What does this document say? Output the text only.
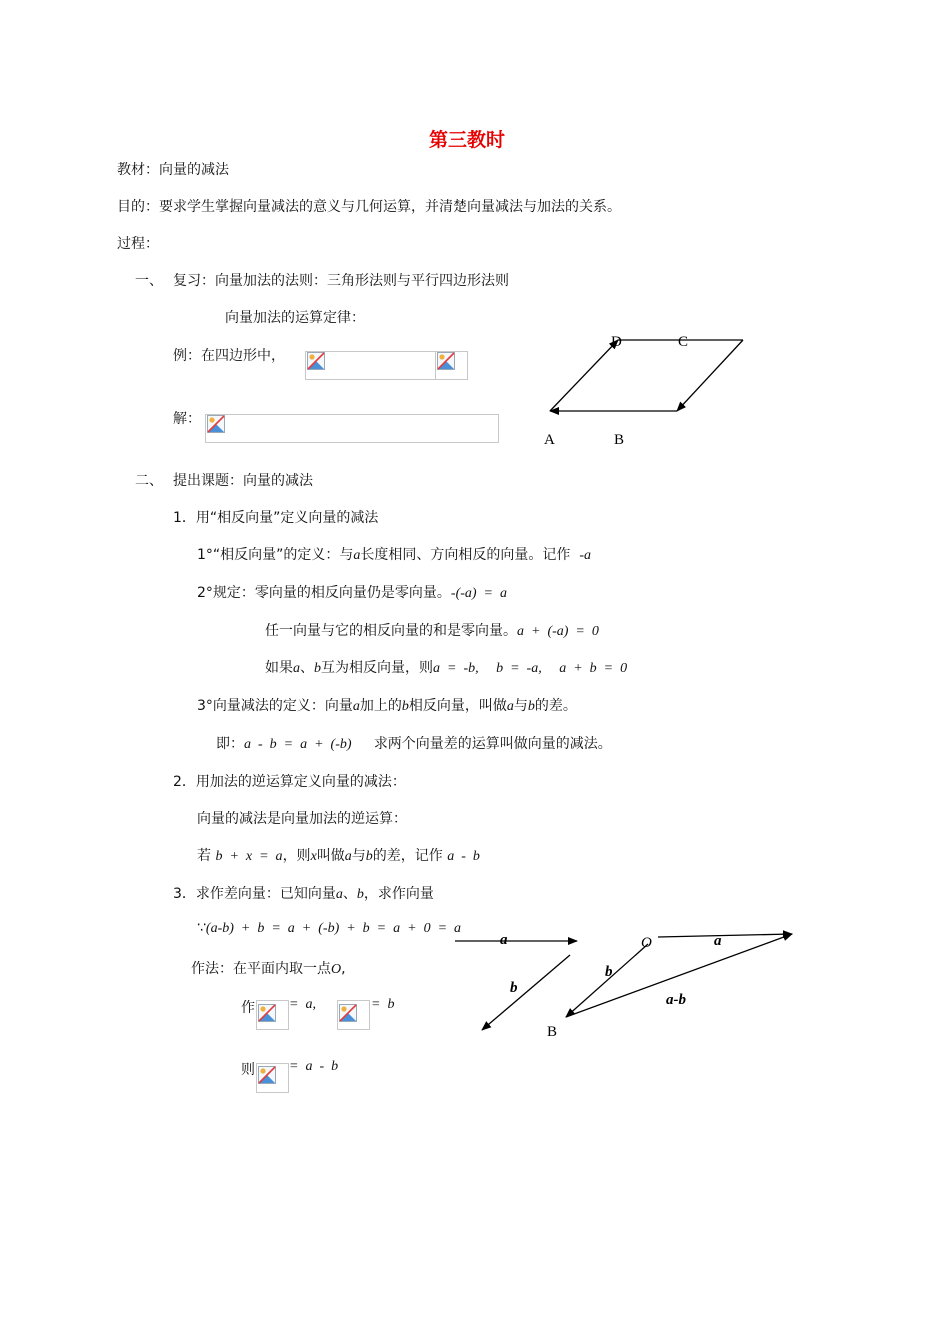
第三教时
教材：向量的减法
目的：要求学生掌握向量减法的意义与几何运算，并清楚向量减法与加法的关系。
过程：
一、 复习：向量加法的法则：三角形法则与平行四边形法则
向量加法的运算定律：
例：在四边形中，
解：
D	C
A	B
二、 提出课题：向量的减法
1．用“相反向量”定义向量的减法
1°“相反向量”的定义：与a长度相同、方向相反的向量。记作 -a
2°规定：零向量的相反向量仍是零向量。-(-a)  =  a
任一向量与它的相反向量的和是零向量。a  +  (-a)  =  0
如果a、b互为相反向量，则a  =  -b,     b  =  -a,     a  +  b  =  0
3°向量减法的定义：向量a加上的b相反向量，叫做a与b的差。
即：a  -  b  =  a  +  (-b) 求两个向量差的运算叫做向量的减法。
2．用加法的逆运算定义向量的减法：
向量的减法是向量加法的逆运算：
若 b  +  x  =  a，则x叫做a与b的差，记作 a  -  b
3．求作差向量：已知向量a、b，求作向量
∵(a-b)  +  b  =  a  +  (-b)  +  b  =  a  +  0  =  a
作法：在平面内取一点O,
作 =  a,	=  b
则 =  a  -  b
a
b
O	a
b
a-b
B
